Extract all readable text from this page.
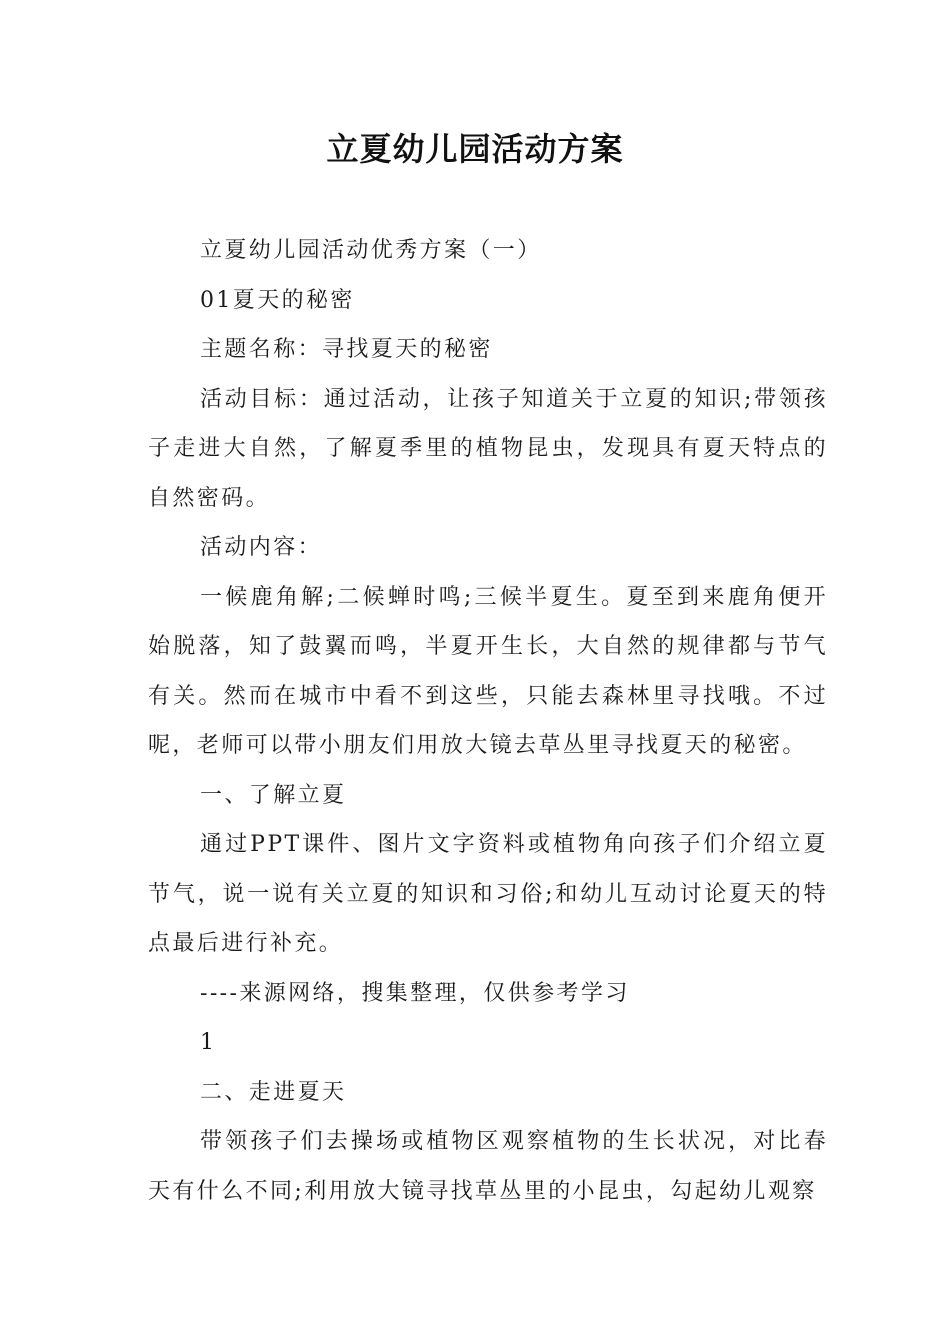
立夏幼儿园活动方案

立夏幼儿园活动优秀方案（一）

01夏天的秘密

主题名称：寻找夏天的秘密

活动目标：通过活动，让孩子知道关于立夏的知识;带领孩子走进大自然，了解夏季里的植物昆虫，发现具有夏天特点的自然密码。

活动内容：

一候鹿角解;二候蝉时鸣;三候半夏生。夏至到来鹿角便开始脱落，知了鼓翼而鸣，半夏开生长，大自然的规律都与节气有关。然而在城市中看不到这些，只能去森林里寻找哦。不过呢，老师可以带小朋友们用放大镜去草丛里寻找夏天的秘密。

一、了解立夏

通过PPT课件、图片文字资料或植物角向孩子们介绍立夏节气，说一说有关立夏的知识和习俗;和幼儿互动讨论夏天的特点最后进行补充。

----来源网络，搜集整理，仅供参考学习

1

二、走进夏天

带领孩子们去操场或植物区观察植物的生长状况，对比春天有什么不同;利用放大镜寻找草丛里的小昆虫，勾起幼儿观察
